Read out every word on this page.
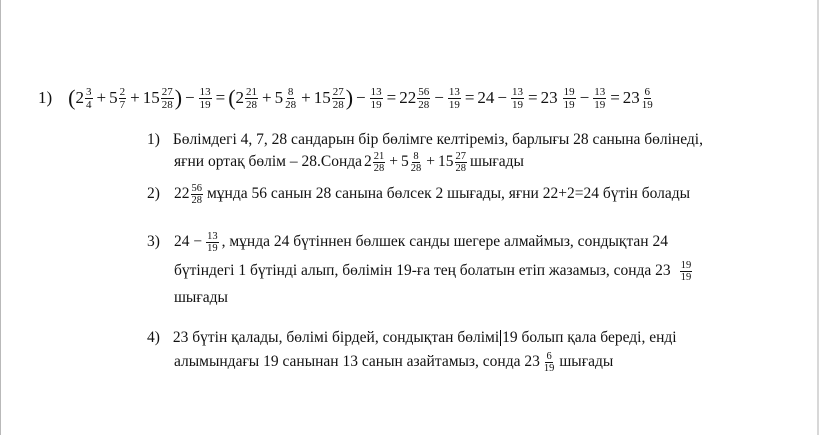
1) ( $2 \frac{3}{4} + 5 \frac{2}{7} + 15 \frac{27}{28}$ ) − $\frac{13}{19}$ = ( $2 \frac{21}{28} + 5 \frac{8}{28} + 15 \frac{27}{28}$ ) − $\frac{13}{19} = 22 \frac{56}{28} - \frac{13}{19} = 24 - \frac{13}{19} = 23 \frac{19}{19} - \frac{13}{19} = 23 \frac{6}{19}$
1) Бөлімдегі 4, 7, 28 сандарын бір бөлімге келтіреміз, барлығы 28 санына бөлінеді,
яғни ортақ бөлім – 28.Сонда $2 \frac{21}{28} + 5 \frac{8}{28} + 15 \frac{27}{28}$ шығады
2) $22 \frac{56}{28}$ мұнда 56 санын 28 санына бөлсек 2 шығады, яғни 22+2=24 бүтін болады
3) $24 - \frac{13}{19}$ , мұнда 24 бүтіннен бөлшек санды шегере алмаймыз, сондықтан 24
бүтіндегі 1 бүтінді алып, бөлімін 19-ға тең болатын етіп жазамыз, сонда $23 \frac{19}{19}$
шығады
4) 23 бүтін қалады, бөлімі бірдей, сондықтан бөлімі 19 болып қала береді, енді
алымындағы 19 санынан 13 санын азайтамыз, сонда $23 \frac{6}{19}$ шығады
